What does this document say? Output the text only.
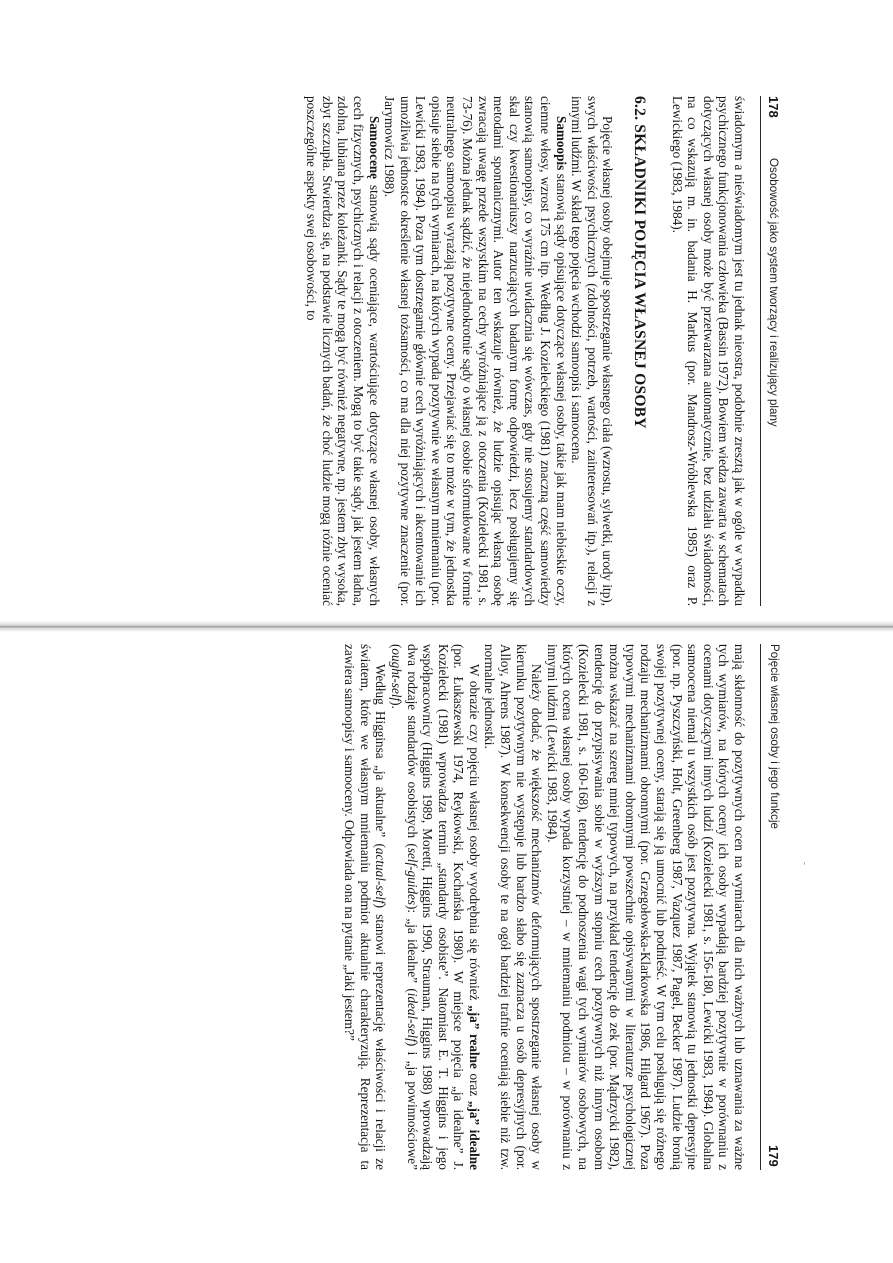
178
Osobowość jako system tworzący i realizujący plany

świadomym a nieświadomym jest tu jednak nieostra, podobnie zresztą jak w ogóle w wypadku psychicznego funkcjonowania człowieka (Bassin 1972). Bowiem wiedza zawarta w schematach dotyczących własnej osoby może być przetwarzana automatycznie, bez udziału świadomości, na co wskazują m. in. badania H. Markus (por. Mandrosz-Wróblewska 1985) oraz P. Lewickiego (1983, 1984).

6.2. SKŁADNIKI POJĘCIA WŁASNEJ OSOBY

Pojęcie własnej osoby obejmuje spostrzeganie własnego ciała (wzrostu, sylwetki, urody itp), swych właściwości psychicznych (zdolności, potrzeb, wartości, zainteresowań itp.), relacji z innymi ludźmi. W skład tego pojęcia wchodzi samoopis i samoocena.

Samoopis stanowią sądy opisujące dotyczące własnej osoby, takie jak mam niebieskie oczy, ciemne włosy, wzrost 175 cm itp. Według J. Kozieleckiego (1981) znaczną część samowiedzy stanowią samoopisy, co wyraźnie uwidacznia się wówczas, gdy nie stosujemy standardowych skal czy kwestionariuszy narzucających badanym formę odpowiedzi, lecz posługujemy się metodami spontanicznymi. Autor ten wskazuje również, że ludzie opisując własną osobę zwracają uwagę przede wszystkim na cechy wyróżniające ją z otoczenia (Kozielecki 1981, s. 73-76). Można jednak sądzić, że niejednokrotnie sądy o własnej osobie sformułowane w formie neutralnego samoopisu wyrażają pozytywne oceny. Przejawiać się to może w tym, że jednostka opisuje siebie na tych wymiarach, na których wypada pozytywnie we własnym mniemaniu (por. Lewicki 1983, 1984). Poza tym dostrzegamie głównie cech wyróżniających i akcentowanie ich umożliwia jednostce określenie własnej tożsamości, co ma dla niej pozytywne znaczenie (por. Jarymowicz 1988).

Samoocenę stanowią sądy oceniające, wartościujące dotyczące własnej osoby, własnych cech fizycznych, psychicznych i relacji z otoczeniem. Mogą to być takie sądy, jak jestem ładna, zdolna, lubiana przez koleżanki. Sądy te mogą być również negatywne, np. jestem zbyt wysoka, zbyt szczupła. Stwierdza się, na podstawie licznych badań, że choć ludzie mogą różnie oceniać poszczególne aspekty swej osobowości, to

Pojęcie własnej osoby i jego funkcje
179

mają skłonność do pozytywnych ocen na wymiarach dla nich ważnych lub uznawania za ważne tych wymiarów, na których oceny ich osoby wypadają bardziej pozytywnie w porównaniu z ocenami dotyczącymi innych ludzi (Kozielecki 1981, s. 156-180, Lewicki 1983, 1984). Globalna samoocena niemal u wszystkich osób jest pozytywna. Wyjątek stanowią tu jednostki depresyjne (por. np. Pyszczyński, Holt, Greenberg 1987, Vazquez 1987, Pagel, Becker 1987). Ludzie bronią swojej pozytywnej oceny, starają się ją umocnić lub podnieść. W tym celu posługują się różnego rodzaju mechanizmami obronnymi (por. Grzegołowska-Klarkowska 1986, Hilgard 1967). Poza typowymi mechanizmami obronnymi powszechnie opisywanymi w literaturze psychologicznej można wskazać na szereg mniej typowych, na przykład tendencję do zek (por. Mądrzycki 1982), tendencję do przypisywania sobie w wyższym stopniu cech pozytywnych niż innym osobom (Kozielecki 1981, s. 160-168), tendencję do podnoszenia wagi tych wymiarów osobowych, na których ocena własnej osoby wypada korzystniej – w mniemaniu podmiotu – w porównaniu z innymi ludźmi (Lewicki 1983, 1984).

Należy dodać, że większość mechanizmów deformujących spostrzeganie własnej osoby w kierunku pozytywnym nie występuje lub bardzo słabo się zaznacza u osób depresyjnych (por. Alloy, Ahrens 1987). W konsekwencji osoby te na ogół bardziej trafnie oceniają siebie niż tzw. normalne jednostki.

W obrazie czy pojęciu własnej osoby wyodrębnia się również „ja” realne oraz „ja” idealne (por. Łukaszewski 1974, Reykowski, Kochańska 1980). W miejsce pojęcia „ja idealne” J. Kozielecki (1981) wprowadza termin „standardy osobiste”. Natomiast E. T. Higgins i jego współpracownicy (Higgins 1989, Moretti, Higgins 1990, Strauman, Higgins 1988) wprowadzają dwa rodzaje standardów osobistych (self-guides): „ja idealne” (ideal-self) i „ja powinnościowe” (ought-self).

Według Higginsa „ja aktualne” (actual-self) stanowi reprezentację właściwości i relacji ze światem, które we własnym mniemaniu podmiot aktualnie charakteryzują. Reprezentacja ta zawiera samoopisy i samooceny. Odpowiada ona na pytanie „Jaki jestem?”
